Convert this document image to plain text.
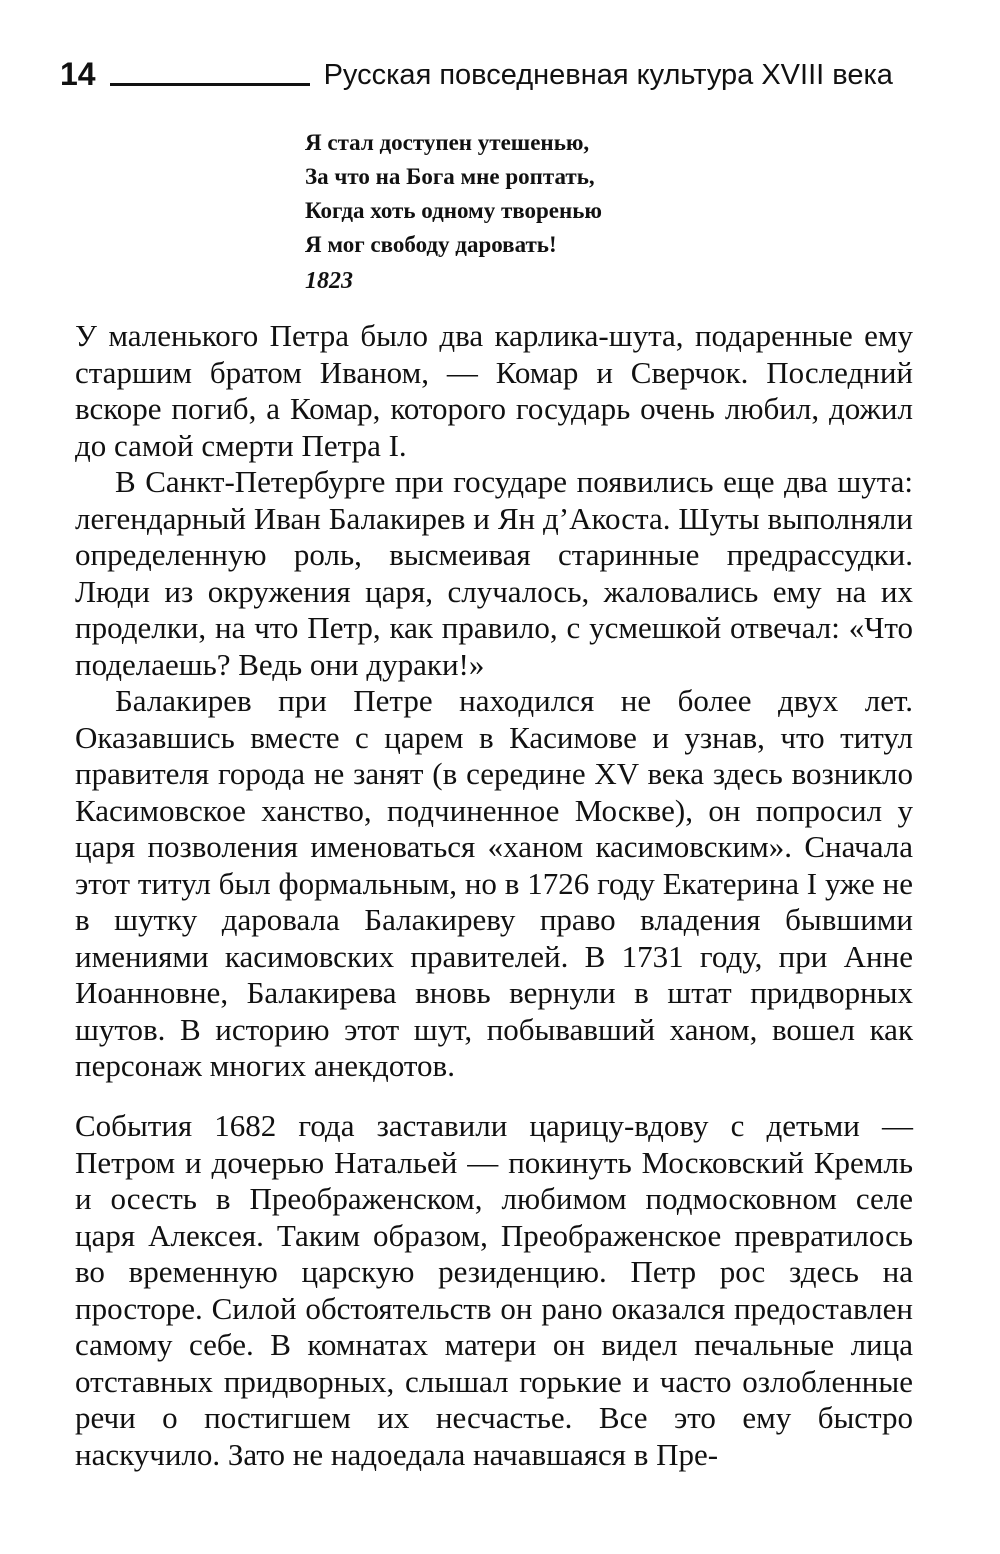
14	Русская повседневная культура XVIII века
Я стал доступен утешенью,
За что на Бога мне роптать,
Когда хоть одному творенью
Я мог свободу даровать!
1823

У маленького Петра было два карлика-шута, подаренные ему старшим братом Иваном, — Комар и Сверчок. Последний вскоре погиб, а Комар, которого государь очень любил, дожил до самой смерти Петра I.

В Санкт-Петербурге при государе появились еще два шута: легендарный Иван Балакирев и Ян д’Акоста. Шуты выполняли определенную роль, высмеивая старинные предрассудки. Люди из окружения царя, случалось, жаловались ему на их проделки, на что Петр, как правило, с усмешкой отвечал: «Что поделаешь? Ведь они дураки!»

Балакирев при Петре находился не более двух лет. Оказавшись вместе с царем в Касимове и узнав, что титул правителя города не занят (в середине XV века здесь возникло Касимовское ханство, подчиненное Москве), он попросил у царя позволения именоваться «ханом касимовским». Сначала этот титул был формальным, но в 1726 году Екатерина I уже не в шутку даровала Балакиреву право владения бывшими имениями касимовских правителей. В 1731 году, при Анне Иоанновне, Балакирева вновь вернули в штат придворных шутов. В историю этот шут, побывавший ханом, вошел как персонаж многих анекдотов.

События 1682 года заставили царицу-вдову с детьми — Петром и дочерью Натальей — покинуть Московский Кремль и осесть в Преображенском, любимом подмосковном селе царя Алексея. Таким образом, Преображенское превратилось во временную царскую резиденцию. Петр рос здесь на просторе. Силой обстоятельств он рано оказался предоставлен самому себе. В комнатах матери он видел печальные лица отставных придворных, слышал горькие и часто озлобленные речи о постигшем их несчастье. Все это ему быстро наскучило. Зато не надоедала начавшаяся в Пре-
